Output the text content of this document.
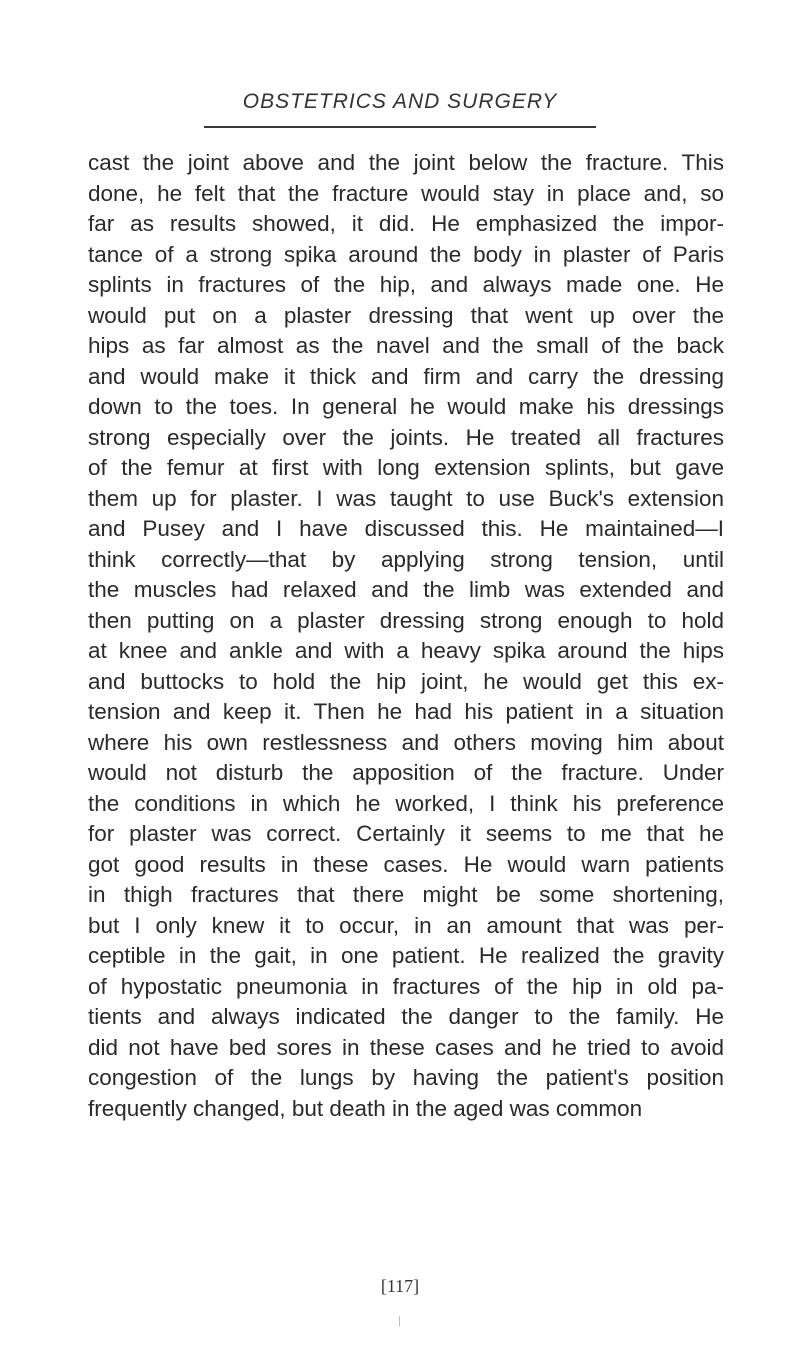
OBSTETRICS AND SURGERY
cast the joint above and the joint below the fracture. This
done, he felt that the fracture would stay in place and, so
far as results showed, it did. He emphasized the impor-
tance of a strong spika around the body in plaster of Paris
splints in fractures of the hip, and always made one. He
would put on a plaster dressing that went up over the
hips as far almost as the navel and the small of the back
and would make it thick and firm and carry the dressing
down to the toes. In general he would make his dressings
strong especially over the joints. He treated all fractures
of the femur at first with long extension splints, but gave
them up for plaster. I was taught to use Buck's extension
and Pusey and I have discussed this. He maintained—I
think correctly—that by applying strong tension, until
the muscles had relaxed and the limb was extended and
then putting on a plaster dressing strong enough to hold
at knee and ankle and with a heavy spika around the hips
and buttocks to hold the hip joint, he would get this ex-
tension and keep it. Then he had his patient in a situation
where his own restlessness and others moving him about
would not disturb the apposition of the fracture. Under
the conditions in which he worked, I think his preference
for plaster was correct. Certainly it seems to me that he
got good results in these cases. He would warn patients
in thigh fractures that there might be some shortening,
but I only knew it to occur, in an amount that was per-
ceptible in the gait, in one patient. He realized the gravity
of hypostatic pneumonia in fractures of the hip in old pa-
tients and always indicated the danger to the family. He
did not have bed sores in these cases and he tried to avoid
congestion of the lungs by having the patient's position
frequently changed, but death in the aged was common
[117]
